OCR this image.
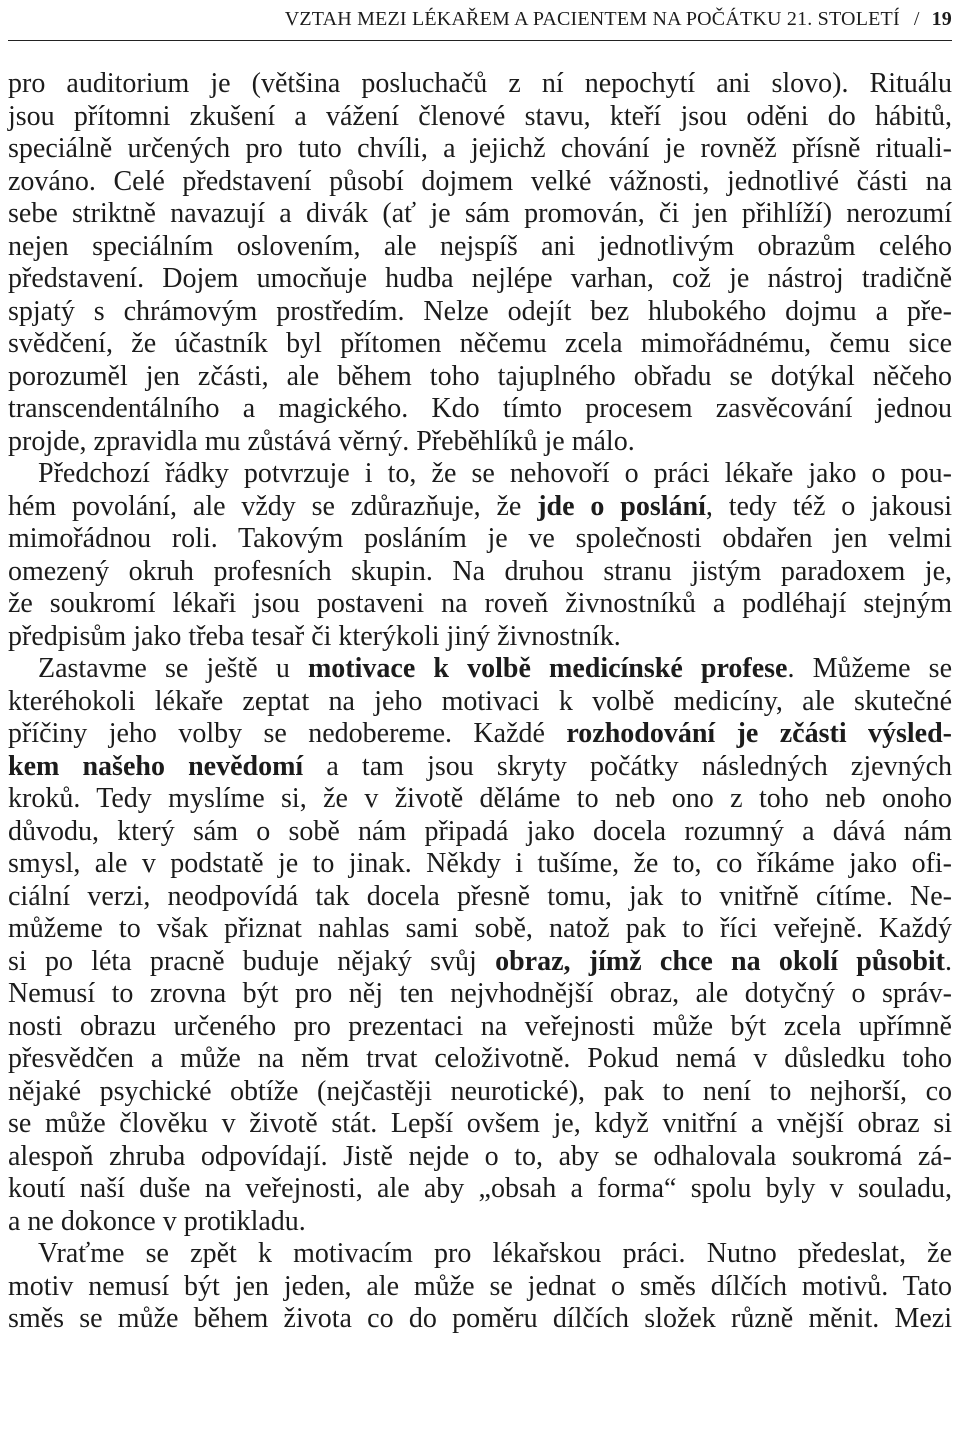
VZTAH MEZI LÉKAŘEM A PACIENTEM NA POČÁTKU 21. STOLETÍ / 19

pro auditorium je (většina posluchačů z ní nepochytí ani slovo). Rituálu

jsou přítomni zkušení a vážení členové stavu, kteří jsou oděni do hábitů,

speciálně určených pro tuto chvíli, a jejichž chování je rovněž přísně rituali-

zováno. Celé představení působí dojmem velké vážnosti, jednotlivé části na

sebe striktně navazují a divák (ať je sám promován, či jen přihlíží) nerozumí

nejen speciálním oslovením, ale nejspíš ani jednotlivým obrazům celého

představení. Dojem umocňuje hudba nejlépe varhan, což je nástroj tradičně

spjatý s chrámovým prostředím. Nelze odejít bez hlubokého dojmu a pře-

svědčení, že účastník byl přítomen něčemu zcela mimořádnému, čemu sice

porozuměl jen zčásti, ale během toho tajuplného obřadu se dotýkal něčeho

transcendentálního a magického. Kdo tímto procesem zasvěcování jednou

projde, zpravidla mu zůstává věrný. Přeběhlíků je málo.

Předchozí řádky potvrzuje i to, že se nehovoří o práci lékaře jako o pou-

hém povolání, ale vždy se zdůrazňuje, že jde o poslání, tedy též o jakousi

mimořádnou roli. Takovým posláním je ve společnosti obdařen jen velmi

omezený okruh profesních skupin. Na druhou stranu jistým paradoxem je,

že soukromí lékaři jsou postaveni na roveň živnostníků a podléhají stejným

předpisům jako třeba tesař či kterýkoli jiný živnostník.

Zastavme se ještě u motivace k volbě medicínské profese. Můžeme se

kteréhokoli lékaře zeptat na jeho motivaci k volbě medicíny, ale skutečné

příčiny jeho volby se nedobereme. Každé rozhodování je zčásti výsled-

kem našeho nevědomí a tam jsou skryty počátky následných zjevných

kroků. Tedy myslíme si, že v životě děláme to neb ono z toho neb onoho

důvodu, který sám o sobě nám připadá jako docela rozumný a dává nám

smysl, ale v podstatě je to jinak. Někdy i tušíme, že to, co říkáme jako ofi-

ciální verzi, neodpovídá tak docela přesně tomu, jak to vnitřně cítíme. Ne-

můžeme to však přiznat nahlas sami sobě, natož pak to říci veřejně. Každý

si po léta pracně buduje nějaký svůj obraz, jímž chce na okolí působit.

Nemusí to zrovna být pro něj ten nejvhodnější obraz, ale dotyčný o správ-

nosti obrazu určeného pro prezentaci na veřejnosti může být zcela upřímně

přesvědčen a může na něm trvat celoživotně. Pokud nemá v důsledku toho

nějaké psychické obtíže (nejčastěji neurotické), pak to není to nejhorší, co

se může člověku v životě stát. Lepší ovšem je, když vnitřní a vnější obraz si

alespoň zhruba odpovídají. Jistě nejde o to, aby se odhalovala soukromá zá-

koutí naší duše na veřejnosti, ale aby „obsah a forma“ spolu byly v souladu,

a ne dokonce v protikladu.

Vraťme se zpět k motivacím pro lékařskou práci. Nutno předeslat, že

motiv nemusí být jen jeden, ale může se jednat o směs dílčích motivů. Tato

směs se může během života co do poměru dílčích složek různě měnit. Mezi
